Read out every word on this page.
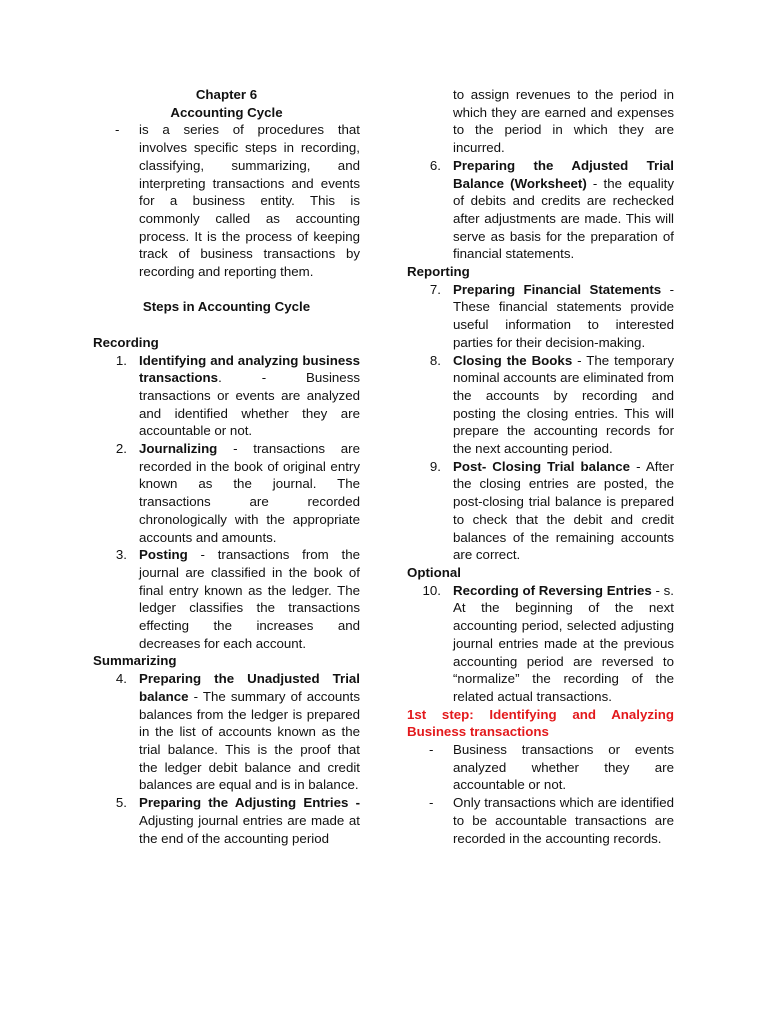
Chapter 6
Accounting Cycle
- is a series of procedures that involves specific steps in recording, classifying, summarizing, and interpreting transactions and events for a business entity. This is commonly called as accounting process. It is the process of keeping track of business transactions by recording and reporting them.
Steps in Accounting Cycle
Recording
1. Identifying and analyzing business transactions. - Business transactions or events are analyzed and identified whether they are accountable or not.
2. Journalizing - transactions are recorded in the book of original entry known as the journal. The transactions are recorded chronologically with the appropriate accounts and amounts.
3. Posting - transactions from the journal are classified in the book of final entry known as the ledger. The ledger classifies the transactions effecting the increases and decreases for each account.
Summarizing
4. Preparing the Unadjusted Trial balance - The summary of accounts balances from the ledger is prepared in the list of accounts known as the trial balance. This is the proof that the ledger debit balance and credit balances are equal and is in balance.
5. Preparing the Adjusting Entries - Adjusting journal entries are made at the end of the accounting period
to assign revenues to the period in which they are earned and expenses to the period in which they are incurred.
6. Preparing the Adjusted Trial Balance (Worksheet) - the equality of debits and credits are rechecked after adjustments are made. This will serve as basis for the preparation of financial statements.
Reporting
7. Preparing Financial Statements - These financial statements provide useful information to interested parties for their decision-making.
8. Closing the Books - The temporary nominal accounts are eliminated from the accounts by recording and posting the closing entries. This will prepare the accounting records for the next accounting period.
9. Post- Closing Trial balance - After the closing entries are posted, the post-closing trial balance is prepared to check that the debit and credit balances of the remaining accounts are correct.
Optional
10. Recording of Reversing Entries - s. At the beginning of the next accounting period, selected adjusting journal entries made at the previous accounting period are reversed to “normalize” the recording of the related actual transactions.
1st step: Identifying and Analyzing Business transactions
- Business transactions or events analyzed whether they are accountable or not.
- Only transactions which are identified to be accountable transactions are recorded in the accounting records.
